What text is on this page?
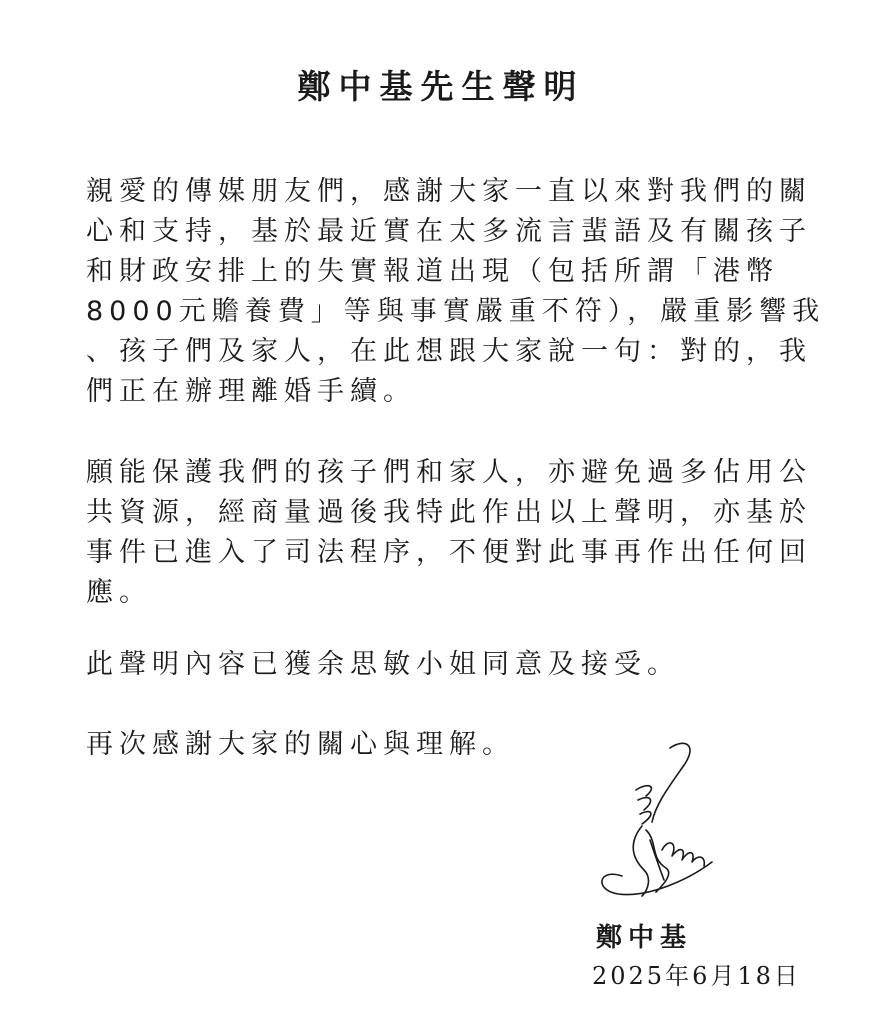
鄭中基先生聲明
親愛的傳媒朋友們，感謝大家一直以來對我們的關
心和支持，基於最近實在太多流言蜚語及有關孩子
和財政安排上的失實報道出現（包括所謂「港幣
8000元贍養費」等與事實嚴重不符），嚴重影響我
、孩子們及家人，在此想跟大家說一句：對的，我
們正在辦理離婚手續。
願能保護我們的孩子們和家人，亦避免過多佔用公
共資源，經商量過後我特此作出以上聲明，亦基於
事件已進入了司法程序，不便對此事再作出任何回
應。
此聲明內容已獲余思敏小姐同意及接受。
再次感謝大家的關心與理解。
鄭中基
2025年6月18日
